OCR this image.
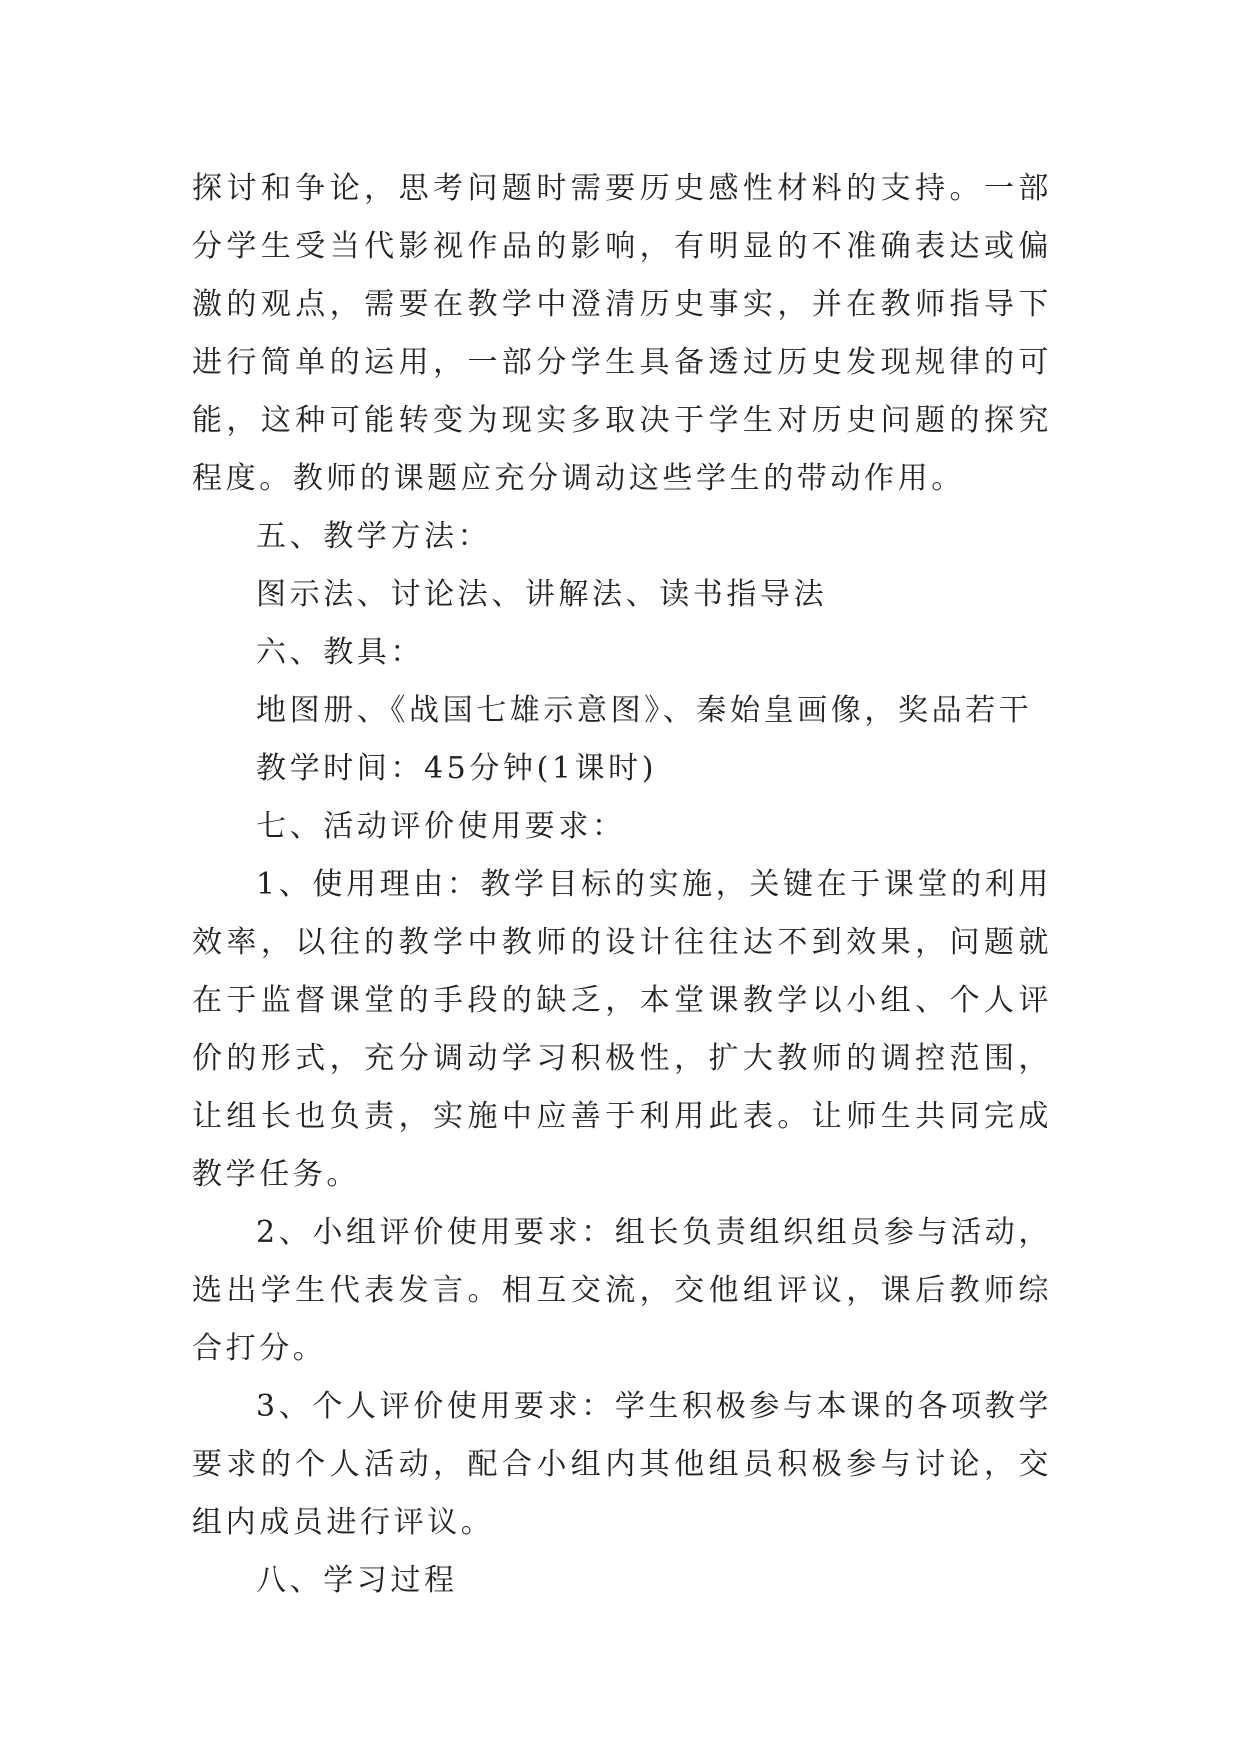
探讨和争论，思考问题时需要历史感性材料的支持。一部分学生受当代影视作品的影响，有明显的不准确表达或偏激的观点，需要在教学中澄清历史事实，并在教师指导下进行简单的运用，一部分学生具备透过历史发现规律的可能，这种可能转变为现实多取决于学生对历史问题的探究程度。教师的课题应充分调动这些学生的带动作用。

五、教学方法：

图示法、讨论法、讲解法、读书指导法

六、教具：

地图册、《战国七雄示意图》、秦始皇画像，奖品若干

教学时间：45分钟(1课时)

七、活动评价使用要求：

1、使用理由：教学目标的实施，关键在于课堂的利用效率，以往的教学中教师的设计往往达不到效果，问题就在于监督课堂的手段的缺乏，本堂课教学以小组、个人评价的形式，充分调动学习积极性，扩大教师的调控范围，让组长也负责，实施中应善于利用此表。让师生共同完成教学任务。

2、小组评价使用要求：组长负责组织组员参与活动，选出学生代表发言。相互交流，交他组评议，课后教师综合打分。

3、个人评价使用要求：学生积极参与本课的各项教学要求的个人活动，配合小组内其他组员积极参与讨论，交组内成员进行评议。

八、学习过程
